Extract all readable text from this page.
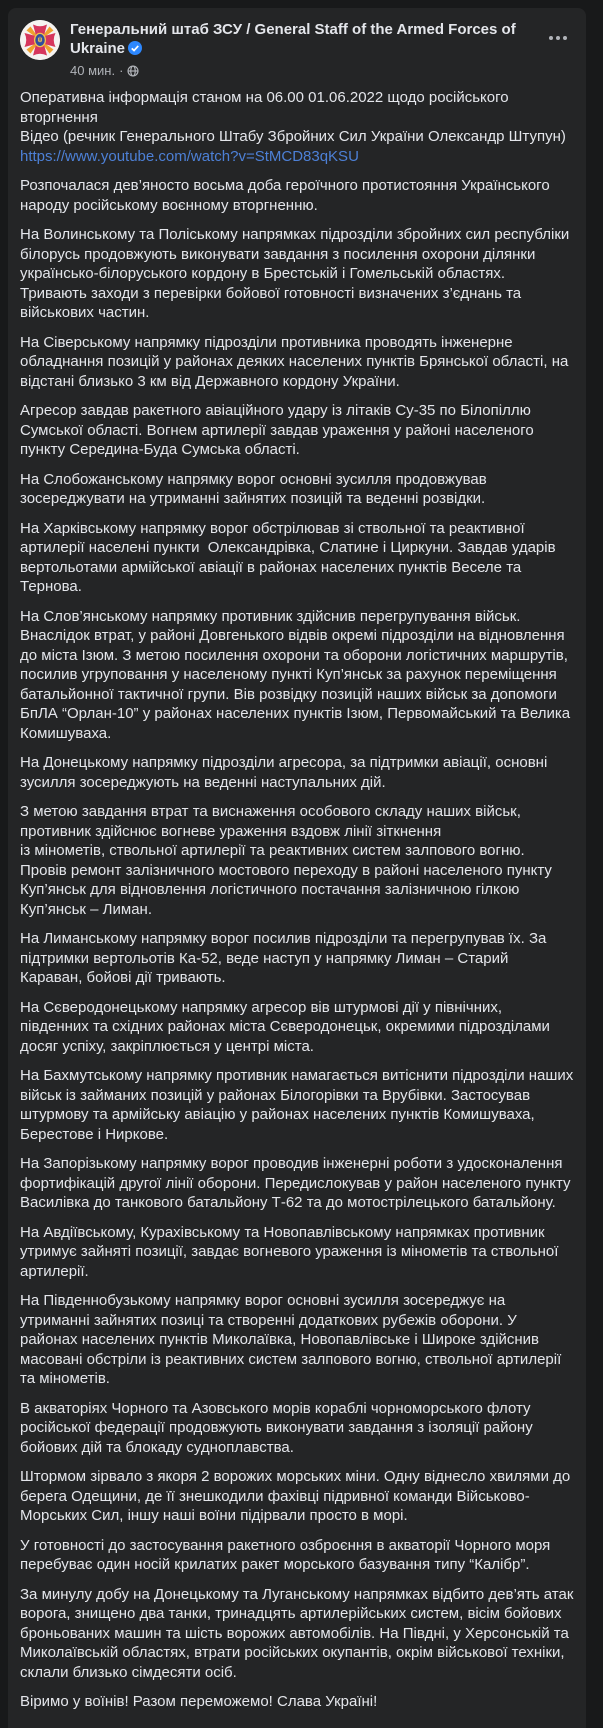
Генеральний штаб ЗСУ / General Staff of the Armed Forces of Ukraine
40 мин. ·

Оперативна інформація станом на 06.00 01.06.2022 щодо російського вторгнення
Відео (речник Генерального Штабу Збройних Сил України Олександр Штупун)
https://www.youtube.com/watch?v=StMCD83qKSU

Розпочалася дев’яносто восьма доба героїчного протистояння Українського народу російському воєнному вторгненню.

На Волинському та Поліському напрямках підрозділи збройних сил республіки білорусь продовжують виконувати завдання з посилення охорони ділянки українсько-білоруського кордону в Брестській і Гомельській областях. Тривають заходи з перевірки бойової готовності визначених з’єднань та військових частин.

На Сіверському напрямку підрозділи противника проводять інженерне обладнання позицій у районах деяких населених пунктів Брянської області, на відстані близько 3 км від Державного кордону України.

Агресор завдав ракетного авіаційного удару із літаків Су-35 по Білопіллю Сумської області. Вогнем артилерії завдав ураження у районі населеного пункту Середина-Буда Сумська області.

На Слобожанському напрямку ворог основні зусилля продовжував зосереджувати на утриманні зайнятих позицій та веденні розвідки.

На Харківському напрямку ворог обстрілював зі ствольної та реактивної артилерії населені пункти  Олександрівка, Слатине і Циркуни. Завдав ударів вертольотами армійської авіації в районах населених пунктів Веселе та Тернова.

На Слов’янському напрямку противник здійснив перегрупування військ. Внаслідок втрат, у районі Довгенького відвів окремі підрозділи на відновлення до міста Ізюм. З метою посилення охорони та оборони логістичних маршрутів, посилив угруповання у населеному пункті Куп’янськ за рахунок переміщення батальйонної тактичної групи. Вів розвідку позицій наших військ за допомоги БпЛА “Орлан-10” у районах населених пунктів Ізюм, Первомайський та Велика Комишуваха.

На Донецькому напрямку підрозділи агресора, за підтримки авіації, основні зусилля зосереджують на веденні наступальних дій.

З метою завдання втрат та виснаження особового складу наших військ, противник здійснює вогневе ураження вздовж лінії зіткнення
із мінометів, ствольної артилерії та реактивних систем залпового вогню. Провів ремонт залізничного мостового переходу в районі населеного пункту Куп’янськ для відновлення логістичного постачання залізничною гілкою Куп’янськ – Лиман.

На Лиманському напрямку ворог посилив підрозділи та перегрупував їх. За підтримки вертольотів Ка-52, веде наступ у напрямку Лиман – Старий Караван, бойові дії тривають.

На Сєверодонецькому напрямку агресор вів штурмові дії у північних, південних та східних районах міста Сєверодонецьк, окремими підрозділами досяг успіху, закріплюється у центрі міста.

На Бахмутському напрямку противник намагається витіснити підрозділи наших військ із займаних позицій у районах Білогорівки та Врубівки. Застосував штурмову та армійську авіацію у районах населених пунктів Комишуваха, Берестове і Ниркове.

На Запорізькому напрямку ворог проводив інженерні роботи з удосконалення фортифікацій другої лінії оборони. Передислокував у район населеного пункту Василівка до танкового батальйону Т-62 та до мотострілецького батальйону.

На Авдіївському, Курахівському та Новопавлівському напрямках противник утримує зайняті позиції, завдає вогневого ураження із мінометів та ствольної артилерії.

На Південнобузькому напрямку ворог основні зусилля зосереджує на утриманні зайнятих позиці та створенні додаткових рубежів оборони. У районах населених пунктів Миколаївка, Новопавлівське і Широке здійснив масовані обстріли із реактивних систем залпового вогню, ствольної артилерії та мінометів.

В акваторіях Чорного та Азовського морів кораблі чорноморського флоту російської федерації продовжують виконувати завдання з ізоляції району бойових дій та блокаду судноплавства.

Штормом зірвало з якоря 2 ворожих морських міни. Одну віднесло хвилями до берега Одещини, де її знешкодили фахівці підривної команди Військово-Морських Сил, іншу наші воїни підірвали просто в морі.

У готовності до застосування ракетного озброєння в акваторії Чорного моря перебуває один носій крилатих ракет морського базування типу “Калібр”.

За минулу добу на Донецькому та Луганському напрямках відбито дев’ять атак ворога, знищено два танки, тринадцять артилерійських систем, вісім бойових броньованих машин та шість ворожих автомобілів. На Півдні, у Херсонській та Миколаївській областях, втрати російських окупантів, окрім військової техніки, склали близько сімдесяти осіб.

Віримо у воїнів! Разом переможемо! Слава Україні!
